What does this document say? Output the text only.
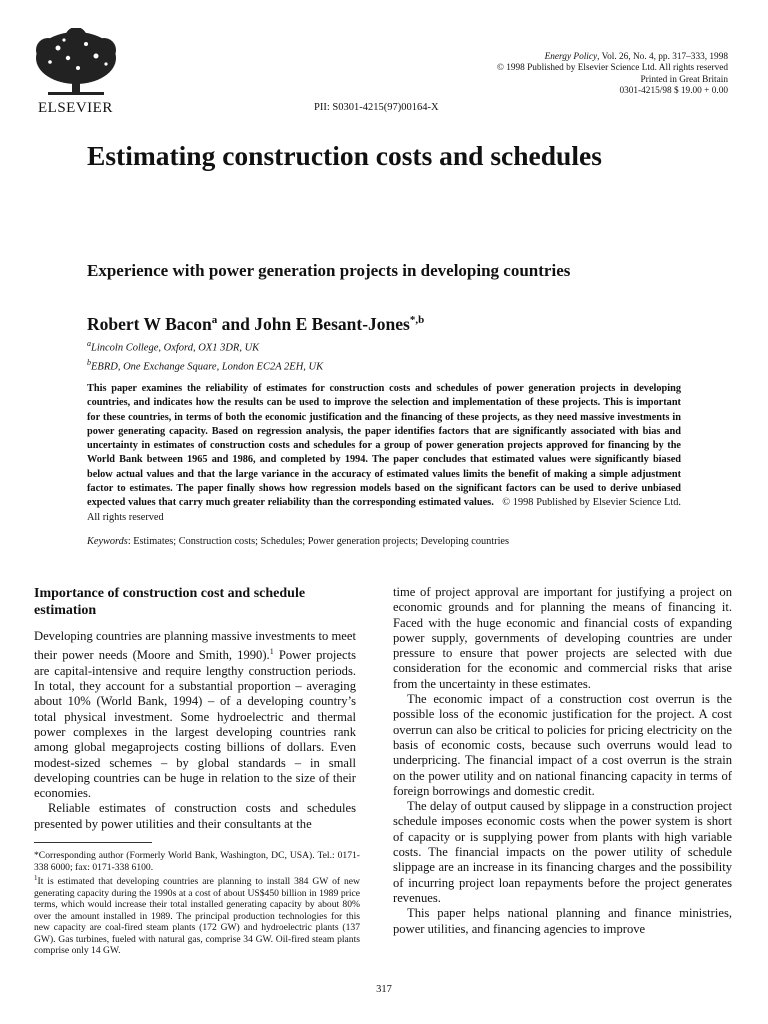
ELSEVIER	PII: S0301-4215(97)00164-X
Energy Policy, Vol. 26, No. 4, pp. 317–333, 1998
© 1998 Published by Elsevier Science Ltd. All rights reserved
Printed in Great Britain
0301-4215/98 $ 19.00 + 0.00
Estimating construction costs and schedules
Experience with power generation projects in developing countries
Robert W Bacon$^a$ and John E Besant-Jones$^{*,b}$
$^a$Lincoln College, Oxford, OX1 3DR, UK
$^b$EBRD, One Exchange Square, London EC2A 2EH, UK
This paper examines the reliability of estimates for construction costs and schedules of power generation projects in developing countries, and indicates how the results can be used to improve the selection and implementation of these projects. This is important for these countries, in terms of both the economic justification and the financing of these projects, as they need massive investments in power generating capacity. Based on regression analysis, the paper identifies factors that are significantly associated with bias and uncertainty in estimates of construction costs and schedules for a group of power generation projects approved for financing by the World Bank between 1965 and 1986, and completed by 1994. The paper concludes that estimated values were significantly biased below actual values and that the large variance in the accuracy of estimated values limits the benefit of making a simple adjustment factor to estimates. The paper finally shows how regression models based on the significant factors can be used to derive unbiased expected values that carry much greater reliability than the corresponding estimated values. © 1998 Published by Elsevier Science Ltd. All rights reserved
Keywords: Estimates; Construction costs; Schedules; Power generation projects; Developing countries
Importance of construction cost and schedule estimation

Developing countries are planning massive investments to meet their power needs (Moore and Smith, 1990).$^1$ Power projects are capital-intensive and require lengthy construction periods. In total, they account for a substantial proportion – averaging about 10% (World Bank, 1994) – of a developing country’s total physical investment. Some hydroelectric and thermal power complexes in the largest developing countries rank among global megaprojects costing billions of dollars. Even modest-sized schemes – by global standards – in small developing countries can be huge in relation to the size of their economies.

Reliable estimates of construction costs and schedules presented by power utilities and their consultants at the

time of project approval are important for justifying a project on economic grounds and for planning the means of financing it. Faced with the huge economic and financial costs of expanding power supply, governments of developing countries are under pressure to ensure that power projects are selected with due consideration for the economic and commercial risks that arise from the uncertainty in these estimates.

The economic impact of a construction cost overrun is the possible loss of the economic justification for the project. A cost overrun can also be critical to policies for pricing electricity on the basis of economic costs, because such overruns would lead to underpricing. The financial impact of a cost overrun is the strain on the power utility and on national financing capacity in terms of foreign borrowings and domestic credit.

The delay of output caused by slippage in a construction project schedule imposes economic costs when the power system is short of capacity or is supplying power from plants with high variable costs. The financial impacts on the power utility of schedule slippage are an increase in its financing charges and the possibility of incurring project loan repayments before the project generates revenues.

This paper helps national planning and finance ministries, power utilities, and financing agencies to improve

*Corresponding author (Formerly World Bank, Washington, DC, USA). Tel.: 0171-338 6000; fax: 0171-338 6100.

$^1$It is estimated that developing countries are planning to install 384 GW of new generating capacity during the 1990s at a cost of about US$450 billion in 1989 price terms, which would increase their total installed generating capacity by about 80% over the amount installed in 1989. The principal production technologies for this new capacity are coal-fired steam plants (172 GW) and hydroelectric plants (137 GW). Gas turbines, fueled with natural gas, comprise 34 GW. Oil-fired steam plants comprise only 14 GW.

317
